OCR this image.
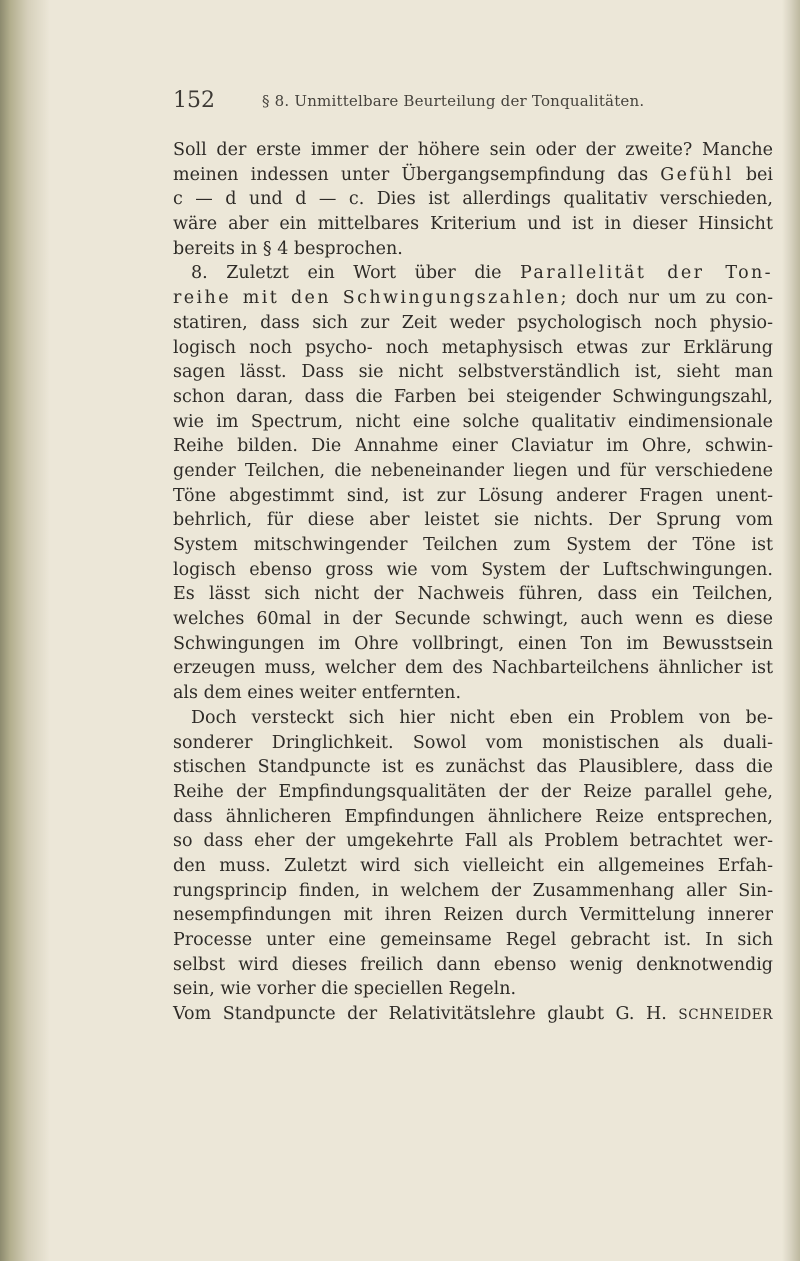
152	§ 8. Unmittelbare Beurteilung der Tonqualitäten.
Soll der erste immer der höhere sein oder der zweite? Manche
meinen indessen unter Übergangsempfindung das Gefühl bei
c — d und d — c. Dies ist allerdings qualitativ verschieden,
wäre aber ein mittelbares Kriterium und ist in dieser Hinsicht
bereits in § 4 besprochen.
8. Zuletzt ein Wort über die Parallelität der Ton-
reihe mit den Schwingungszahlen; doch nur um zu con-
statiren, dass sich zur Zeit weder psychologisch noch physio-
logisch noch psycho- noch metaphysisch etwas zur Erklärung
sagen lässt. Dass sie nicht selbstverständlich ist, sieht man
schon daran, dass die Farben bei steigender Schwingungszahl,
wie im Spectrum, nicht eine solche qualitativ eindimensionale
Reihe bilden. Die Annahme einer Claviatur im Ohre, schwin-
gender Teilchen, die nebeneinander liegen und für verschiedene
Töne abgestimmt sind, ist zur Lösung anderer Fragen unent-
behrlich, für diese aber leistet sie nichts. Der Sprung vom
System mitschwingender Teilchen zum System der Töne ist
logisch ebenso gross wie vom System der Luftschwingungen.
Es lässt sich nicht der Nachweis führen, dass ein Teilchen,
welches 60mal in der Secunde schwingt, auch wenn es diese
Schwingungen im Ohre vollbringt, einen Ton im Bewusstsein
erzeugen muss, welcher dem des Nachbarteilchens ähnlicher ist
als dem eines weiter entfernten.
Doch versteckt sich hier nicht eben ein Problem von be-
sonderer Dringlichkeit. Sowol vom monistischen als duali-
stischen Standpuncte ist es zunächst das Plausiblere, dass die
Reihe der Empfindungsqualitäten der der Reize parallel gehe,
dass ähnlicheren Empfindungen ähnlichere Reize entsprechen,
so dass eher der umgekehrte Fall als Problem betrachtet wer-
den muss. Zuletzt wird sich vielleicht ein allgemeines Erfah-
rungsprincip finden, in welchem der Zusammenhang aller Sin-
nesempfindungen mit ihren Reizen durch Vermittelung innerer
Processe unter eine gemeinsame Regel gebracht ist. In sich
selbst wird dieses freilich dann ebenso wenig denknotwendig
sein, wie vorher die speciellen Regeln.
Vom Standpuncte der Relativitätslehre glaubt G. H. SCHNEIDER
